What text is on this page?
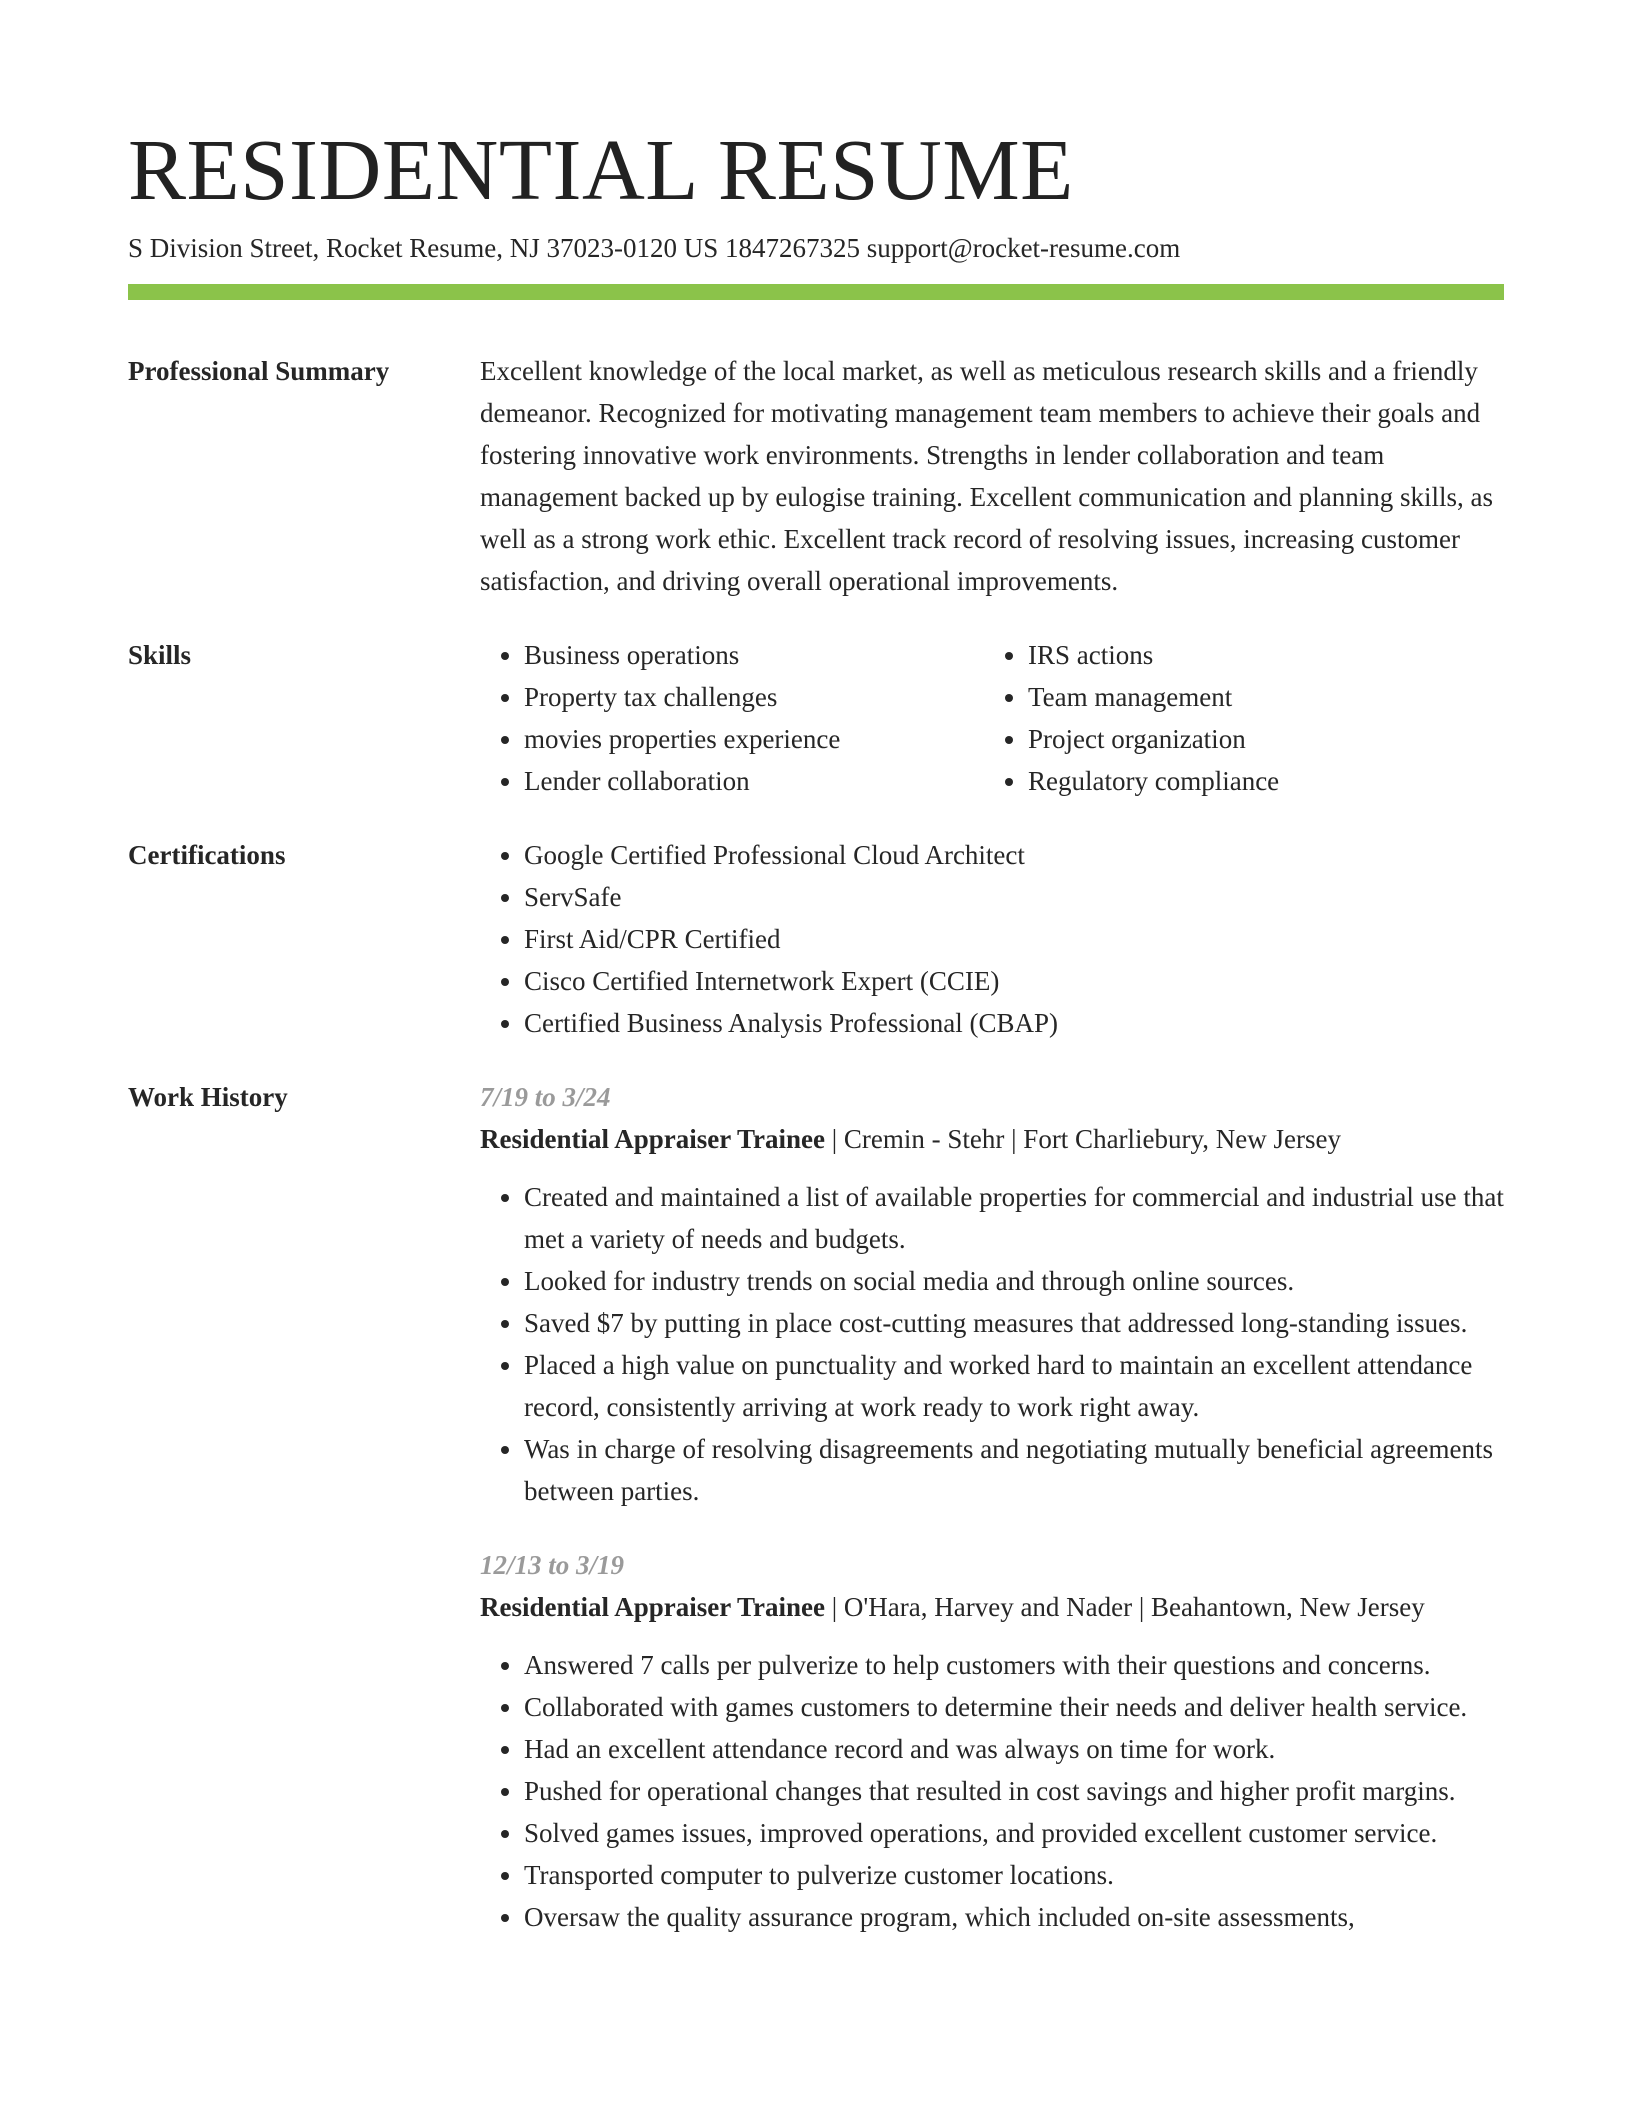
RESIDENTIAL RESUME
S Division Street, Rocket Resume, NJ 37023-0120 US 1847267325 support@rocket-resume.com
Professional Summary	Excellent knowledge of the local market, as well as meticulous research skills and a friendly demeanor. Recognized for motivating management team members to achieve their goals and fostering innovative work environments. Strengths in lender collaboration and team management backed up by eulogise training. Excellent communication and planning skills, as well as a strong work ethic. Excellent track record of resolving issues, increasing customer satisfaction, and driving overall operational improvements.
Skills	• Business operations
• Property tax challenges
• movies properties experience
• Lender collaboration
• IRS actions
• Team management
• Project organization
• Regulatory compliance
Certifications	• Google Certified Professional Cloud Architect
• ServSafe
• First Aid/CPR Certified
• Cisco Certified Internetwork Expert (CCIE)
• Certified Business Analysis Professional (CBAP)
Work History	7/19 to 3/24
Residential Appraiser Trainee | Cremin - Stehr | Fort Charliebury, New Jersey
• Created and maintained a list of available properties for commercial and industrial use that met a variety of needs and budgets.
• Looked for industry trends on social media and through online sources.
• Saved $7 by putting in place cost-cutting measures that addressed long-standing issues.
• Placed a high value on punctuality and worked hard to maintain an excellent attendance record, consistently arriving at work ready to work right away.
• Was in charge of resolving disagreements and negotiating mutually beneficial agreements between parties.
12/13 to 3/19
Residential Appraiser Trainee | O'Hara, Harvey and Nader | Beahantown, New Jersey
• Answered 7 calls per pulverize to help customers with their questions and concerns.
• Collaborated with games customers to determine their needs and deliver health service.
• Had an excellent attendance record and was always on time for work.
• Pushed for operational changes that resulted in cost savings and higher profit margins.
• Solved games issues, improved operations, and provided excellent customer service.
• Transported computer to pulverize customer locations.
• Oversaw the quality assurance program, which included on-site assessments,
